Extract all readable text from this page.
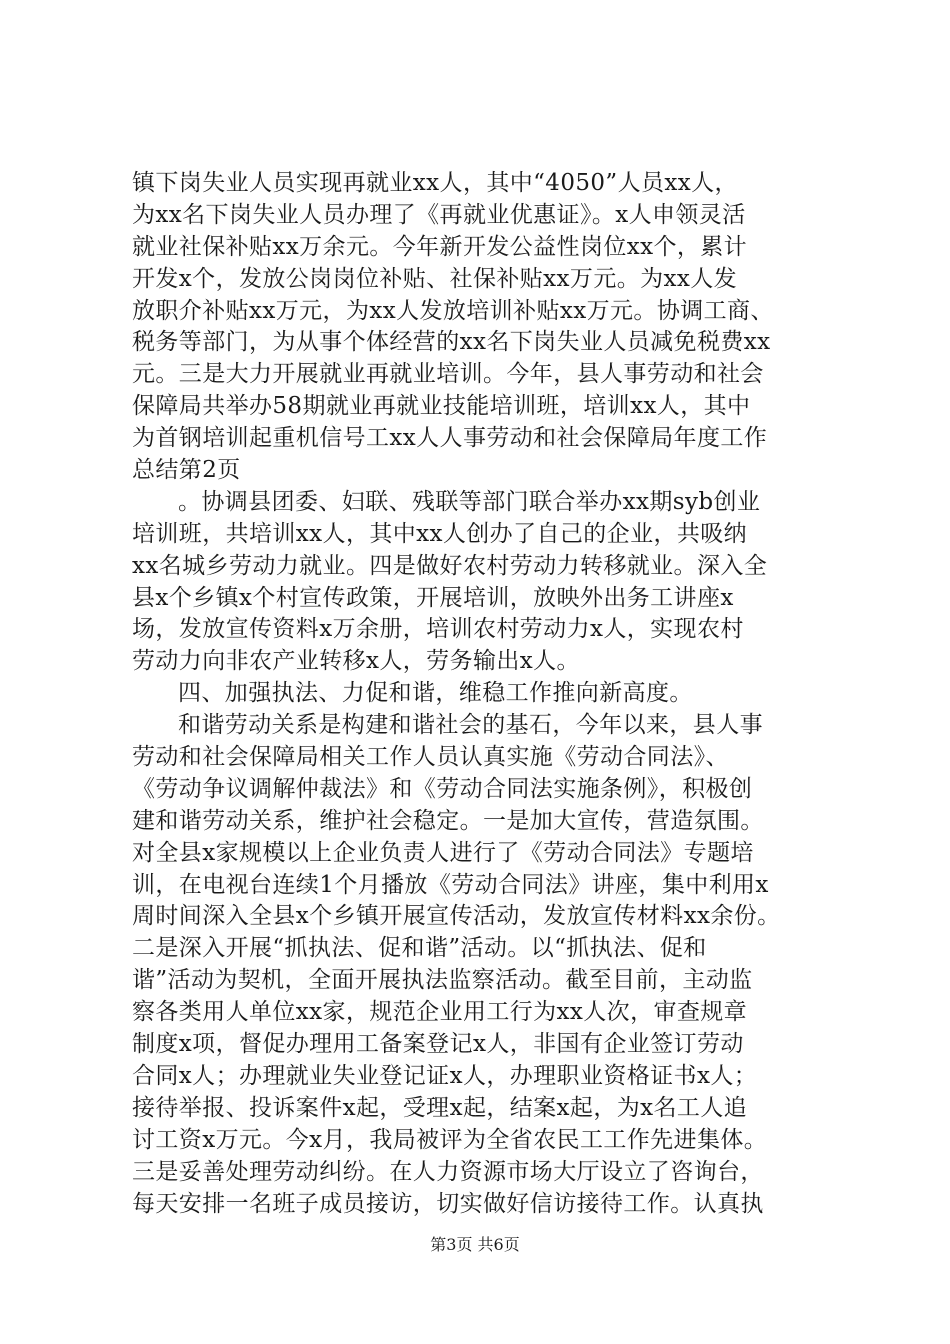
镇下岗失业人员实现再就业xx人，其中“4050”人员xx人，
为xx名下岗失业人员办理了《再就业优惠证》。x人申领灵活
就业社保补贴xx万余元。今年新开发公益性岗位xx个，累计
开发x个，发放公岗岗位补贴、社保补贴xx万元。为xx人发
放职介补贴xx万元，为xx人发放培训补贴xx万元。协调工商、
税务等部门，为从事个体经营的xx名下岗失业人员减免税费xx
元。三是大力开展就业再就业培训。今年，县人事劳动和社会
保障局共举办58期就业再就业技能培训班，培训xx人，其中
为首钢培训起重机信号工xx人人事劳动和社会保障局年度工作
总结第2页
。协调县团委、妇联、残联等部门联合举办xx期syb创业
培训班，共培训xx人，其中xx人创办了自己的企业，共吸纳
xx名城乡劳动力就业。四是做好农村劳动力转移就业。深入全
县x个乡镇x个村宣传政策，开展培训，放映外出务工讲座x
场，发放宣传资料x万余册，培训农村劳动力x人，实现农村
劳动力向非农产业转移x人，劳务输出x人。
四、加强执法、力促和谐，维稳工作推向新高度。
和谐劳动关系是构建和谐社会的基石，今年以来，县人事
劳动和社会保障局相关工作人员认真实施《劳动合同法》、
《劳动争议调解仲裁法》和《劳动合同法实施条例》，积极创
建和谐劳动关系，维护社会稳定。一是加大宣传，营造氛围。
对全县x家规模以上企业负责人进行了《劳动合同法》专题培
训，在电视台连续1个月播放《劳动合同法》讲座，集中利用x
周时间深入全县x个乡镇开展宣传活动，发放宣传材料xx余份。
二是深入开展“抓执法、促和谐”活动。以“抓执法、促和
谐”活动为契机，全面开展执法监察活动。截至目前，主动监
察各类用人单位xx家，规范企业用工行为xx人次，审查规章
制度x项，督促办理用工备案登记x人，非国有企业签订劳动
合同x人；办理就业失业登记证x人，办理职业资格证书x人；
接待举报、投诉案件x起，受理x起，结案x起，为x名工人追
讨工资x万元。今x月，我局被评为全省农民工工作先进集体。
三是妥善处理劳动纠纷。在人力资源市场大厅设立了咨询台，
每天安排一名班子成员接访，切实做好信访接待工作。认真执
第3页 共6页
